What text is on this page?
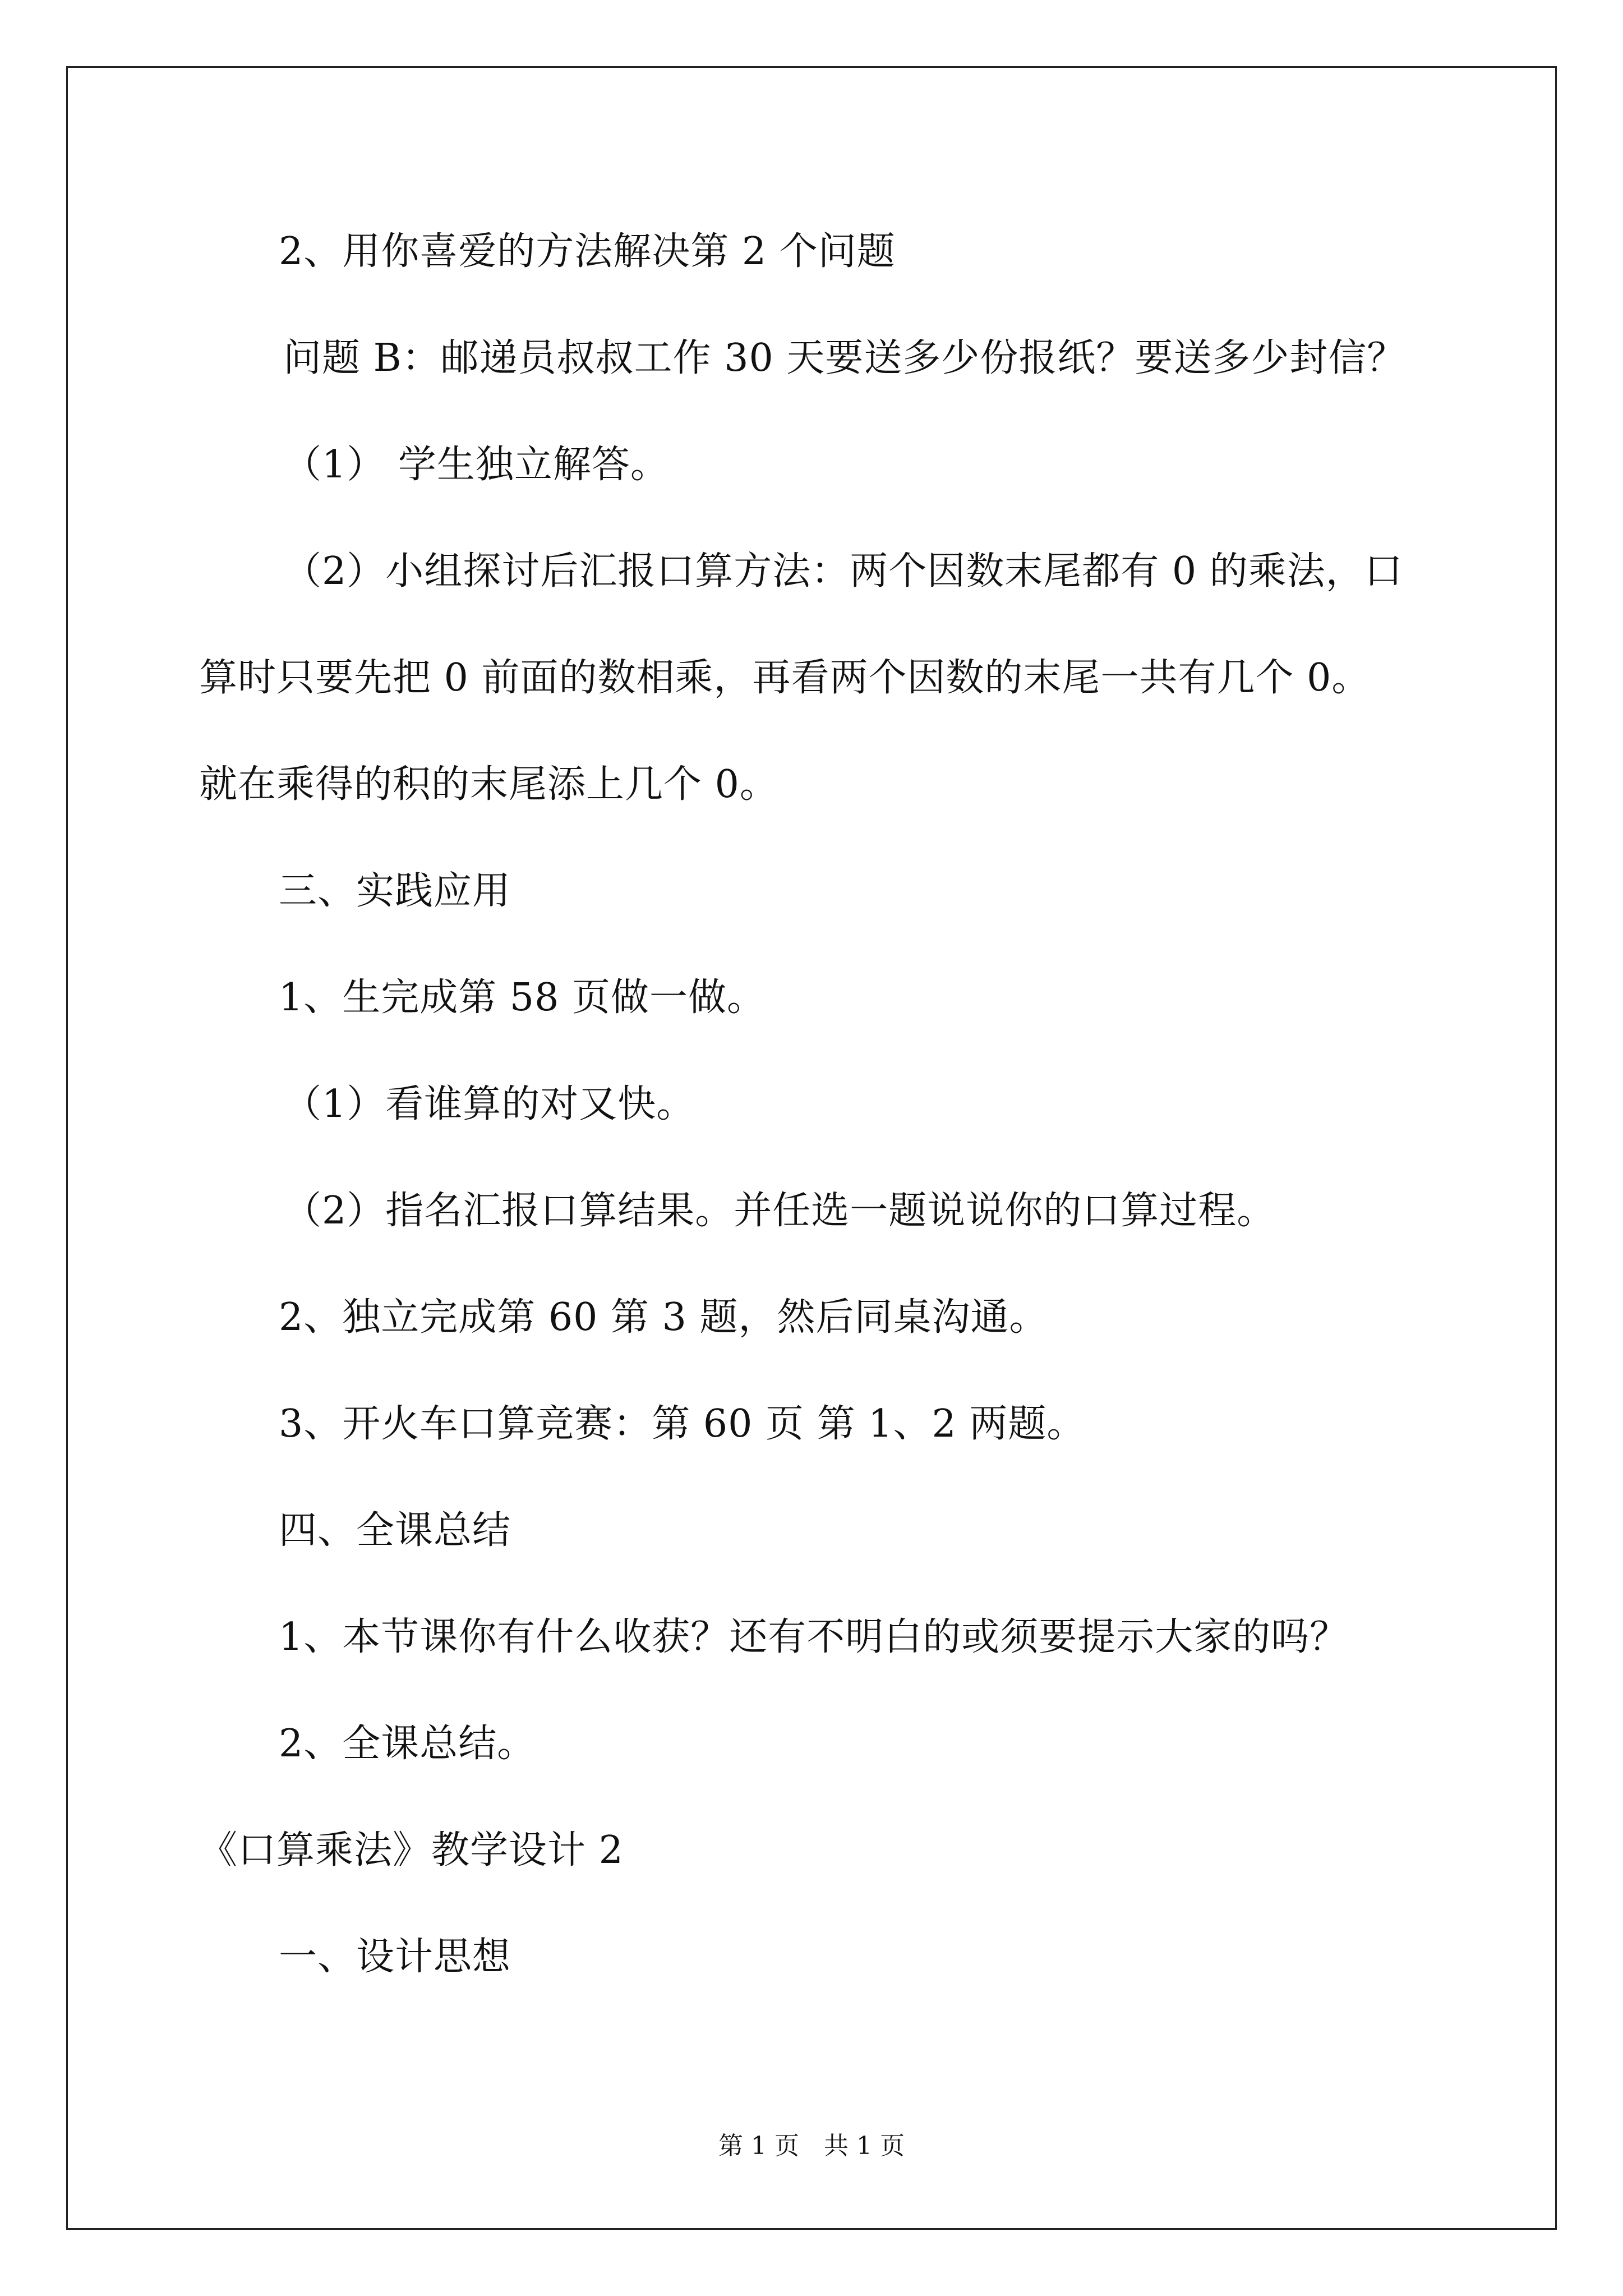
2、用你喜爱的方法解决第 2 个问题
问题 B：邮递员叔叔工作 30 天要送多少份报纸？要送多少封信？
（1） 学生独立解答。
（2）小组探讨后汇报口算方法：两个因数末尾都有 0 的乘法，口
算时只要先把 0 前面的数相乘，再看两个因数的末尾一共有几个 0。
就在乘得的积的末尾添上几个 0。
三、实践应用
1、生完成第 58 页做一做。
（1）看谁算的对又快。
（2）指名汇报口算结果。并任选一题说说你的口算过程。
2、独立完成第 60 第 3 题，然后同桌沟通。
3、开火车口算竞赛：第 60 页 第 1、2 两题。
四、全课总结
1、本节课你有什么收获？还有不明白的或须要提示大家的吗？
2、全课总结。
《口算乘法》教学设计 2
一、设计思想
第 1 页　共 1 页
